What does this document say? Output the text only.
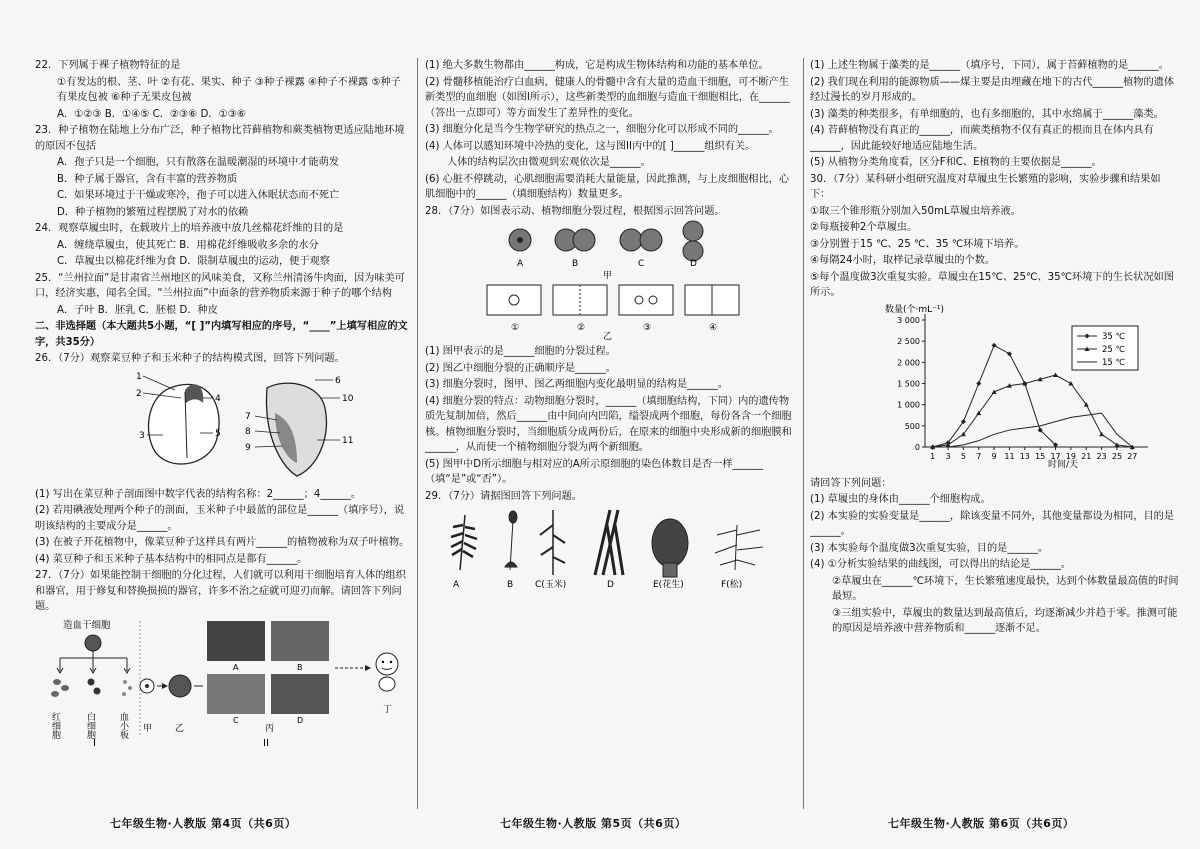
22．下列属于裸子植物特征的是

①有发达的根、茎、叶 ②有花、果实、种子 ③种子裸露 ④种子不裸露 ⑤种子有果皮包被 ⑥种子无果皮包被

A．①②③ B．①④⑤ C．②③⑥ D．①③⑥

23．种子植物在陆地上分布广泛，种子植物比苔藓植物和蕨类植物更适应陆地环境的原因不包括

A．孢子只是一个细胞，只有散落在温暖潮湿的环境中才能萌发

B．种子属于器官，含有丰富的营养物质

C．如果环境过于干燥或寒冷，孢子可以进入休眠状态而不死亡

D．种子植物的繁殖过程摆脱了对水的依赖

24．观察草履虫时，在载玻片上的培养液中放几丝棉花纤维的目的是

A．缠绕草履虫，使其死亡 B．用棉花纤维吸收多余的水分

C．草履虫以棉花纤维为食 D．限制草履虫的运动，便于观察

25．“兰州拉面”是甘肃省兰州地区的风味美食，又称兰州清汤牛肉面，因为味美可口，经济实惠，闻名全国。“兰州拉面”中面条的营养物质来源于种子的哪个结构

A．子叶 B．胚乳 C．胚根 D．种皮

二、非选择题（本大题共5小题，“[ ]”内填写相应的序号，“____”上填写相应的文字，共35分）

26．（7分）观察菜豆种子和玉米种子的结构模式图，回答下列问题。

1
2
3
4
5
7
8
9
6
10
11

(1) 写出在菜豆种子剖面图中数字代表的结构名称：2______；4______。

(2) 若用碘液处理两个种子的剖面，玉米种子中最蓝的部位是______（填序号），说明该结构的主要成分是______。

(3) 在被子开花植物中，像菜豆种子这样具有两片______的植物被称为双子叶植物。

(4) 菜豆种子和玉米种子基本结构中的相同点是都有______。

27．（7分）如果能控制干细胞的分化过程，人们就可以利用干细胞培育人体的组织和器官，用于修复和替换损损的器官，许多不治之症就可迎刃而解。请回答下列问题。

造血干细胞
红细胞	白细胞	血小板
I
A	B
C	D
甲	乙	丙
丁
II

(1) 绝大多数生物都由______构成，它是构成生物体结构和功能的基本单位。

(2) 骨髓移植能治疗白血病，健康人的骨髓中含有大量的造血干细胞，可不断产生新类型的血细胞（如图I所示），这些新类型的血细胞与造血干细胞相比，在______（答出一点即可）等方面发生了差异性的变化。

(3) 细胞分化是当今生物学研究的热点之一，细胞分化可以形成不同的______。

(4) 人体可以感知环境中冷热的变化，这与图II丙中的[ ]______组织有关。

人体的结构层次由微观到宏观依次是______。

(6) 心脏不停跳动，心肌细胞需要消耗大量能量，因此推测，与上皮细胞相比，心肌细胞中的______（填细胞结构）数量更多。

28．（7分）如图表示动、植物细胞分裂过程，根据图示回答问题。

A	B	C	D
甲
①	②	③	④
乙

(1) 图甲表示的是______细胞的分裂过程。

(2) 图乙中细胞分裂的正确顺序是______。

(3) 细胞分裂时，图甲、图乙两细胞内变化最明显的结构是______。

(4) 细胞分裂的特点：动物细胞分裂时，______（填细胞结构，下同）内的遗传物质先复制加倍，然后______由中间向内凹陷，缢裂成两个细胞，每份各含一个细胞核。植物细胞分裂时，当细胞质分成两份后，在原来的细胞中央形成新的细胞膜和______，从而使一个植物细胞分裂为两个新细胞。

(5) 图甲中D所示细胞与相对应的A所示原细胞的染色体数目是否一样______（填“是”或“否”）。

29．（7分）请据图回答下列问题。

A	B C(玉米)	D	E(花生)	F(松)

(1) 上述生物属于藻类的是______（填序号，下同），属于苔藓植物的是______。

(2) 我们现在利用的能源物质——煤主要是由埋藏在地下的古代______植物的遗体经过漫长的岁月形成的。

(3) 藻类的种类很多，有单细胞的，也有多细胞的，其中水绵属于______藻类。

(4) 苔藓植物没有真正的______，而蕨类植物不仅有真正的根而且在体内具有______，因此能较好地适应陆地生活。

(5) 从植物分类角度看，区分F和C、E植物的主要依据是______。

30．（7分）某科研小组研究温度对草履虫生长繁殖的影响，实验步骤和结果如下：

①取三个锥形瓶分别加入50mL草履虫培养液。

②每瓶接种2个草履虫。

③分别置于15 ℃、25 ℃、35 ℃环境下培养。

④每隔24小时，取样记录草履虫的个数。

⑤每个温度做3次重复实验。草履虫在15℃、25℃、35℃环境下的生长状况如图所示。

数量(个·mL⁻¹)
时间/天
0
500
1 000
1 500
2 000
2 500
3 000
1 3 5 7 9 11 13 15 17 19 21 23 25 27
35 ℃
25 ℃
15 ℃

请回答下列问题：

(1) 草履虫的身体由______个细胞构成。

(2) 本实验的实验变量是______，除该变量不同外，其他变量都设为相同，目的是______。

(3) 本实验每个温度做3次重复实验，目的是______。

(4) ①分析实验结果的曲线图，可以得出的结论是______。

②草履虫在______℃环境下，生长繁殖速度最快，达到个体数量最高值的时间最短。

③三组实验中，草履虫的数量达到最高值后，均逐渐减少并趋于零。推测可能的原因是培养液中营养物质和______逐渐不足。

七年级生物·人教版 第4页（共6页）	七年级生物·人教版 第5页（共6页）	七年级生物·人教版 第6页（共6页）
